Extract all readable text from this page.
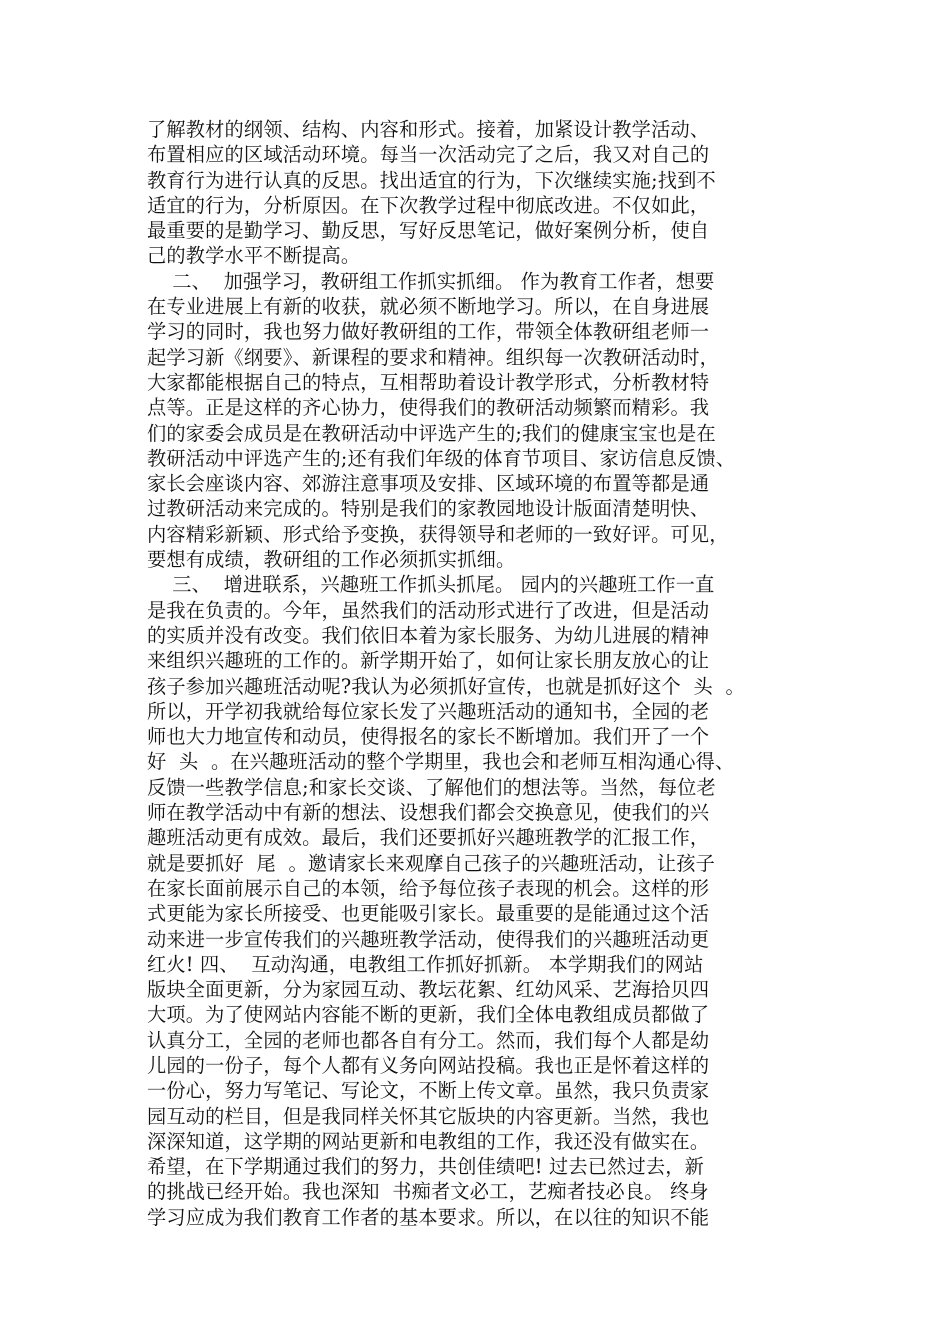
了解教材的纲领、结构、内容和形式。接着，加紧设计教学活动、
布置相应的区域活动环境。每当一次活动完了之后，我又对自己的
教育行为进行认真的反思。找出适宜的行为，下次继续实施;找到不
适宜的行为，分析原因。在下次教学过程中彻底改进。不仅如此，
最重要的是勤学习、勤反思，写好反思笔记，做好案例分析，使自
己的教学水平不断提高。
二、  加强学习，教研组工作抓实抓细。 作为教育工作者，想要
在专业进展上有新的收获，就必须不断地学习。所以，在自身进展
学习的同时，我也努力做好教研组的工作，带领全体教研组老师一
起学习新《纲要》、新课程的要求和精神。组织每一次教研活动时，
大家都能根据自己的特点，互相帮助着设计教学形式，分析教材特
点等。正是这样的齐心协力，使得我们的教研活动频繁而精彩。我
们的家委会成员是在教研活动中评选产生的;我们的健康宝宝也是在
教研活动中评选产生的;还有我们年级的体育节项目、家访信息反馈、
家长会座谈内容、郊游注意事项及安排、区域环境的布置等都是通
过教研活动来完成的。特别是我们的家教园地设计版面清楚明快、
内容精彩新颖、形式给予变换，获得领导和老师的一致好评。可见，
要想有成绩，教研组的工作必须抓实抓细。
三、  增进联系，兴趣班工作抓头抓尾。 园内的兴趣班工作一直
是我在负责的。今年，虽然我们的活动形式进行了改进，但是活动
的实质并没有改变。我们依旧本着为家长服务、为幼儿进展的精神
来组织兴趣班的工作的。新学期开始了，如何让家长朋友放心的让
孩子参加兴趣班活动呢?我认为必须抓好宣传，也就是抓好这个  头  。
所以，开学初我就给每位家长发了兴趣班活动的通知书，全园的老
师也大力地宣传和动员，使得报名的家长不断增加。我们开了一个
好  头  。在兴趣班活动的整个学期里，我也会和老师互相沟通心得、
反馈一些教学信息;和家长交谈、了解他们的想法等。当然，每位老
师在教学活动中有新的想法、设想我们都会交换意见，使我们的兴
趣班活动更有成效。最后，我们还要抓好兴趣班教学的汇报工作，
就是要抓好  尾  。邀请家长来观摩自己孩子的兴趣班活动，让孩子
在家长面前展示自己的本领，给予每位孩子表现的机会。这样的形
式更能为家长所接受、也更能吸引家长。最重要的是能通过这个活
动来进一步宣传我们的兴趣班教学活动，使得我们的兴趣班活动更
红火! 四、  互动沟通，电教组工作抓好抓新。 本学期我们的网站
版块全面更新，分为家园互动、教坛花絮、红幼风采、艺海拾贝四
大项。为了使网站内容能不断的更新，我们全体电教组成员都做了
认真分工，全园的老师也都各自有分工。然而，我们每个人都是幼
儿园的一份子，每个人都有义务向网站投稿。我也正是怀着这样的
一份心，努力写笔记、写论文，不断上传文章。虽然，我只负责家
园互动的栏目，但是我同样关怀其它版块的内容更新。当然，我也
深深知道，这学期的网站更新和电教组的工作，我还没有做实在。
希望，在下学期通过我们的努力，共创佳绩吧! 过去已然过去，新
的挑战已经开始。我也深知  书痴者文必工，艺痴者技必良。 终身
学习应成为我们教育工作者的基本要求。所以，在以往的知识不能
